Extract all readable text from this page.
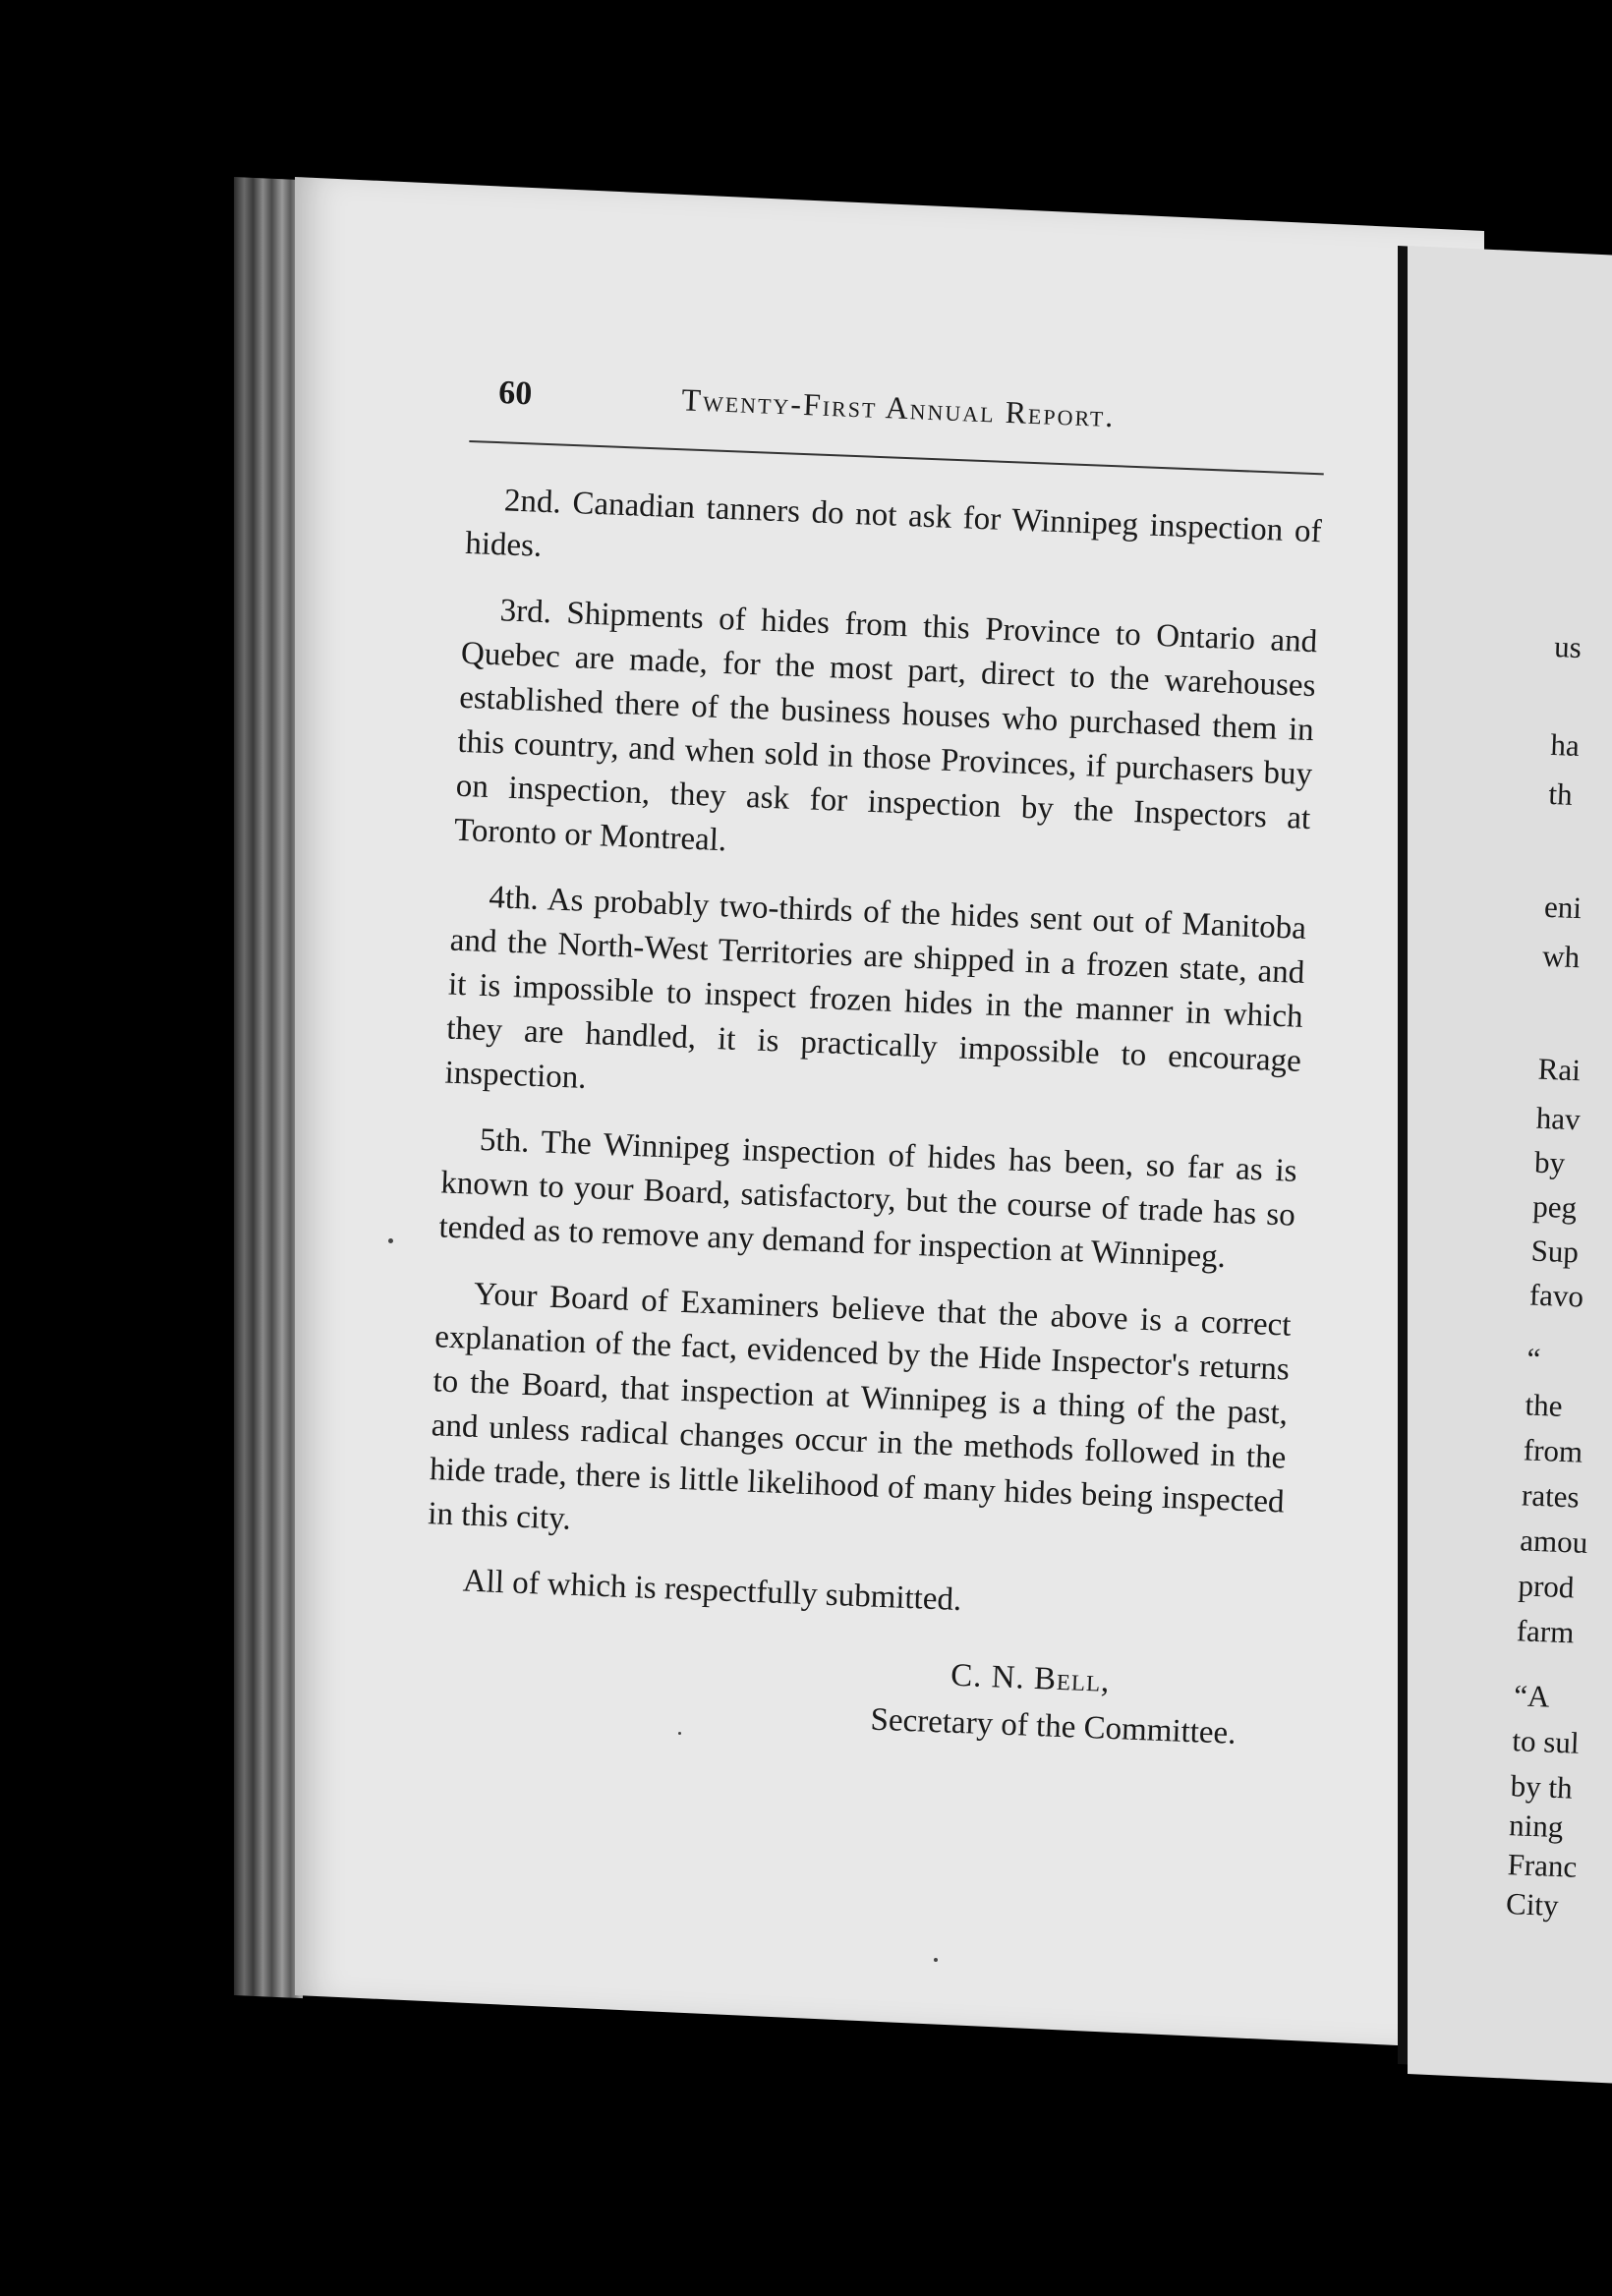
60	Twenty-First Annual Report.

2nd. Canadian tanners do not ask for Winnipeg inspection of hides.

3rd. Shipments of hides from this Province to Ontario and Quebec are made, for the most part, direct to the warehouses established there of the business houses who purchased them in this country, and when sold in those Provinces, if purchasers buy on inspection, they ask for inspection by the Inspectors at Toronto or Montreal.

4th. As probably two-thirds of the hides sent out of Manitoba and the North-West Territories are shipped in a frozen state, and it is impossible to inspect frozen hides in the manner in which they are handled, it is practically impossible to encourage inspection.

5th. The Winnipeg inspection of hides has been, so far as is known to your Board, satisfactory, but the course of trade has so tended as to remove any demand for inspection at Winnipeg.

Your Board of Examiners believe that the above is a correct explanation of the fact, evidenced by the Hide Inspector's returns to the Board, that inspection at Winnipeg is a thing of the past, and unless radical changes occur in the methods followed in the hide trade, there is little likelihood of many hides being inspected in this city.

All of which is respectfully submitted.

C. N. Bell,
Secretary of the Committee.
us
ha
th
eni
wh
Rai
hav
by
peg
Sup
favo
“
the
from
rates
amou
prod
farm
“A
to sul
by th
ning
Franc
City
